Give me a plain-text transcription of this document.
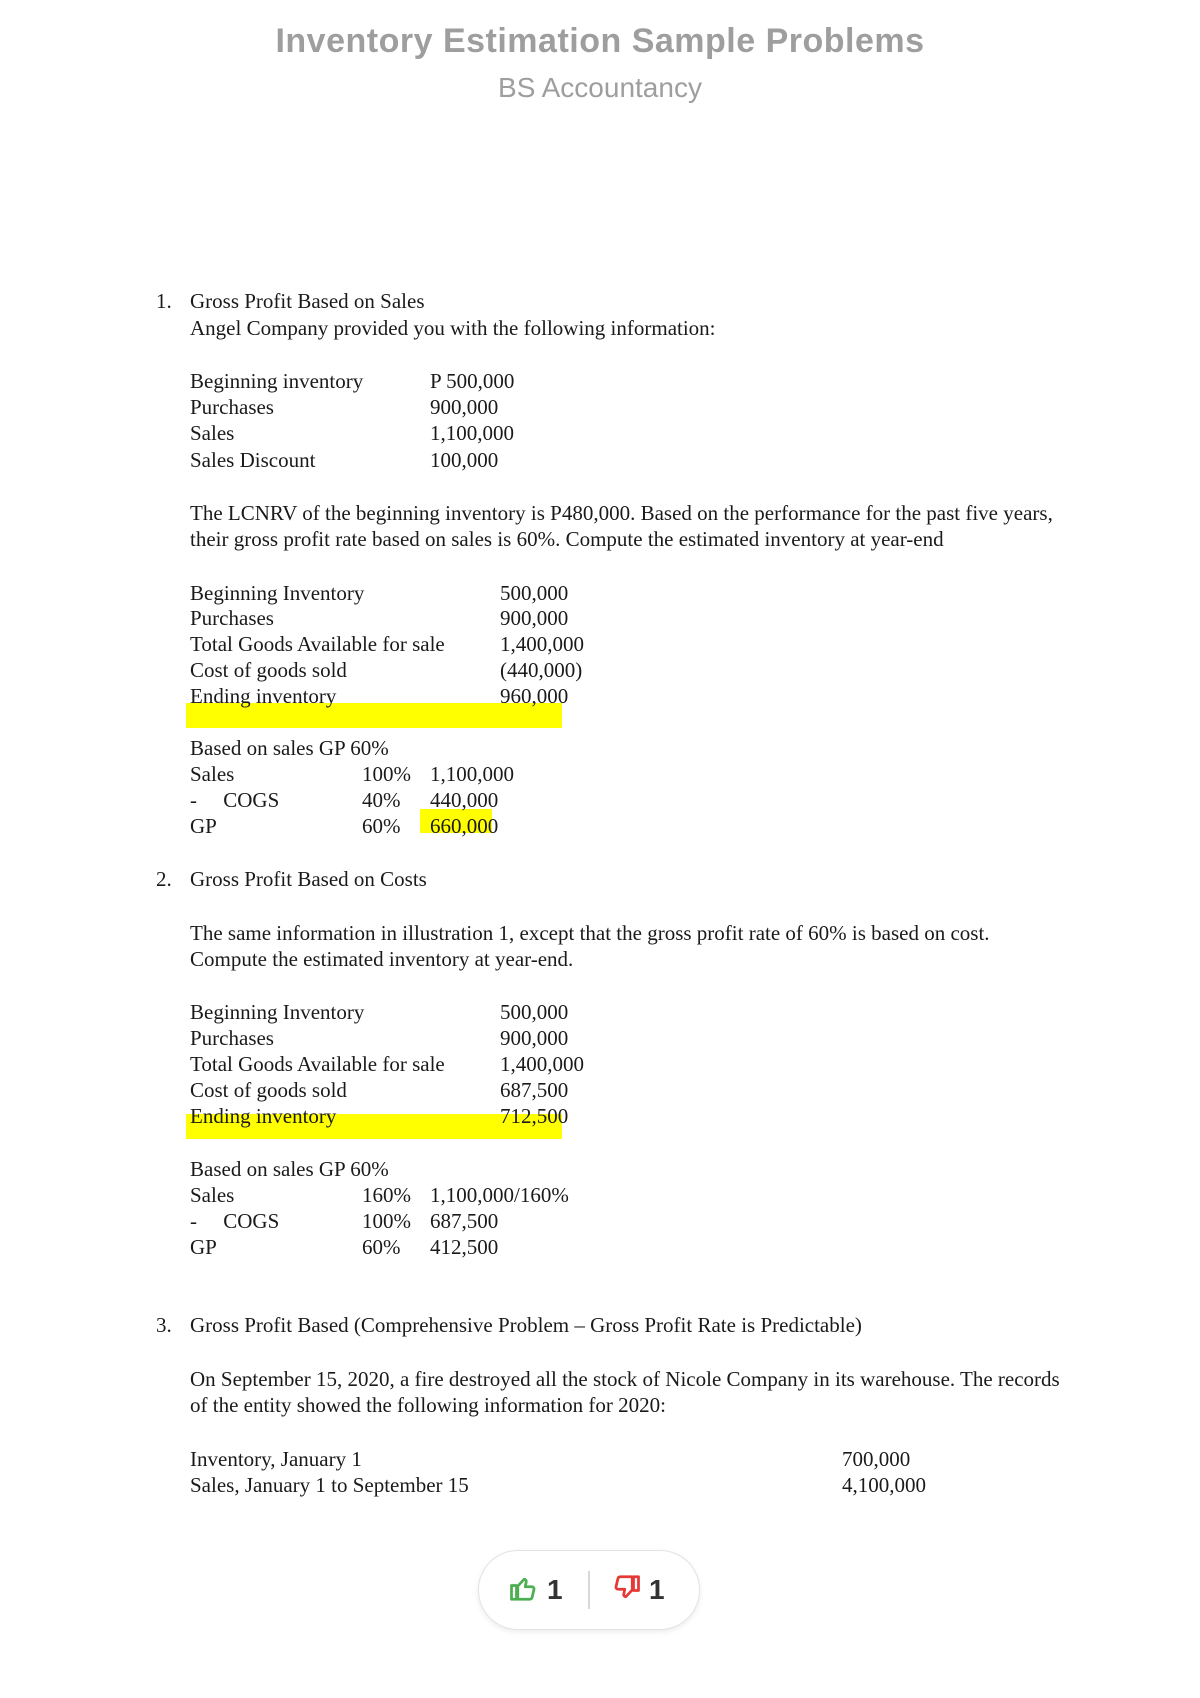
Inventory Estimation Sample Problems
BS Accountancy
1. Gross Profit Based on Sales
Angel Company provided you with the following information:
Beginning inventory	P 500,000
Purchases	900,000
Sales	1,100,000
Sales Discount	100,000
The LCNRV of the beginning inventory is P480,000. Based on the performance for the past five years,
their gross profit rate based on sales is 60%. Compute the estimated inventory at year-end
Beginning Inventory	500,000
Purchases	900,000
Total Goods Available for sale	1,400,000
Cost of goods sold	(440,000)
Ending inventory	960,000
Based on sales GP 60%
Sales	100% 1,100,000
-     COGS	40% 440,000
GP	60% 660,000
2. Gross Profit Based on Costs
The same information in illustration 1, except that the gross profit rate of 60% is based on cost.
Compute the estimated inventory at year-end.
Beginning Inventory	500,000
Purchases	900,000
Total Goods Available for sale	1,400,000
Cost of goods sold	687,500
Ending inventory	712,500
Based on sales GP 60%
Sales	160% 1,100,000/160%
-     COGS	100% 687,500
GP	60% 412,500
3. Gross Profit Based (Comprehensive Problem – Gross Profit Rate is Predictable)
On September 15, 2020, a fire destroyed all the stock of Nicole Company in its warehouse. The records
of the entity showed the following information for 2020:
Inventory, January 1	700,000
Sales, January 1 to September 15	4,100,000
1	1
